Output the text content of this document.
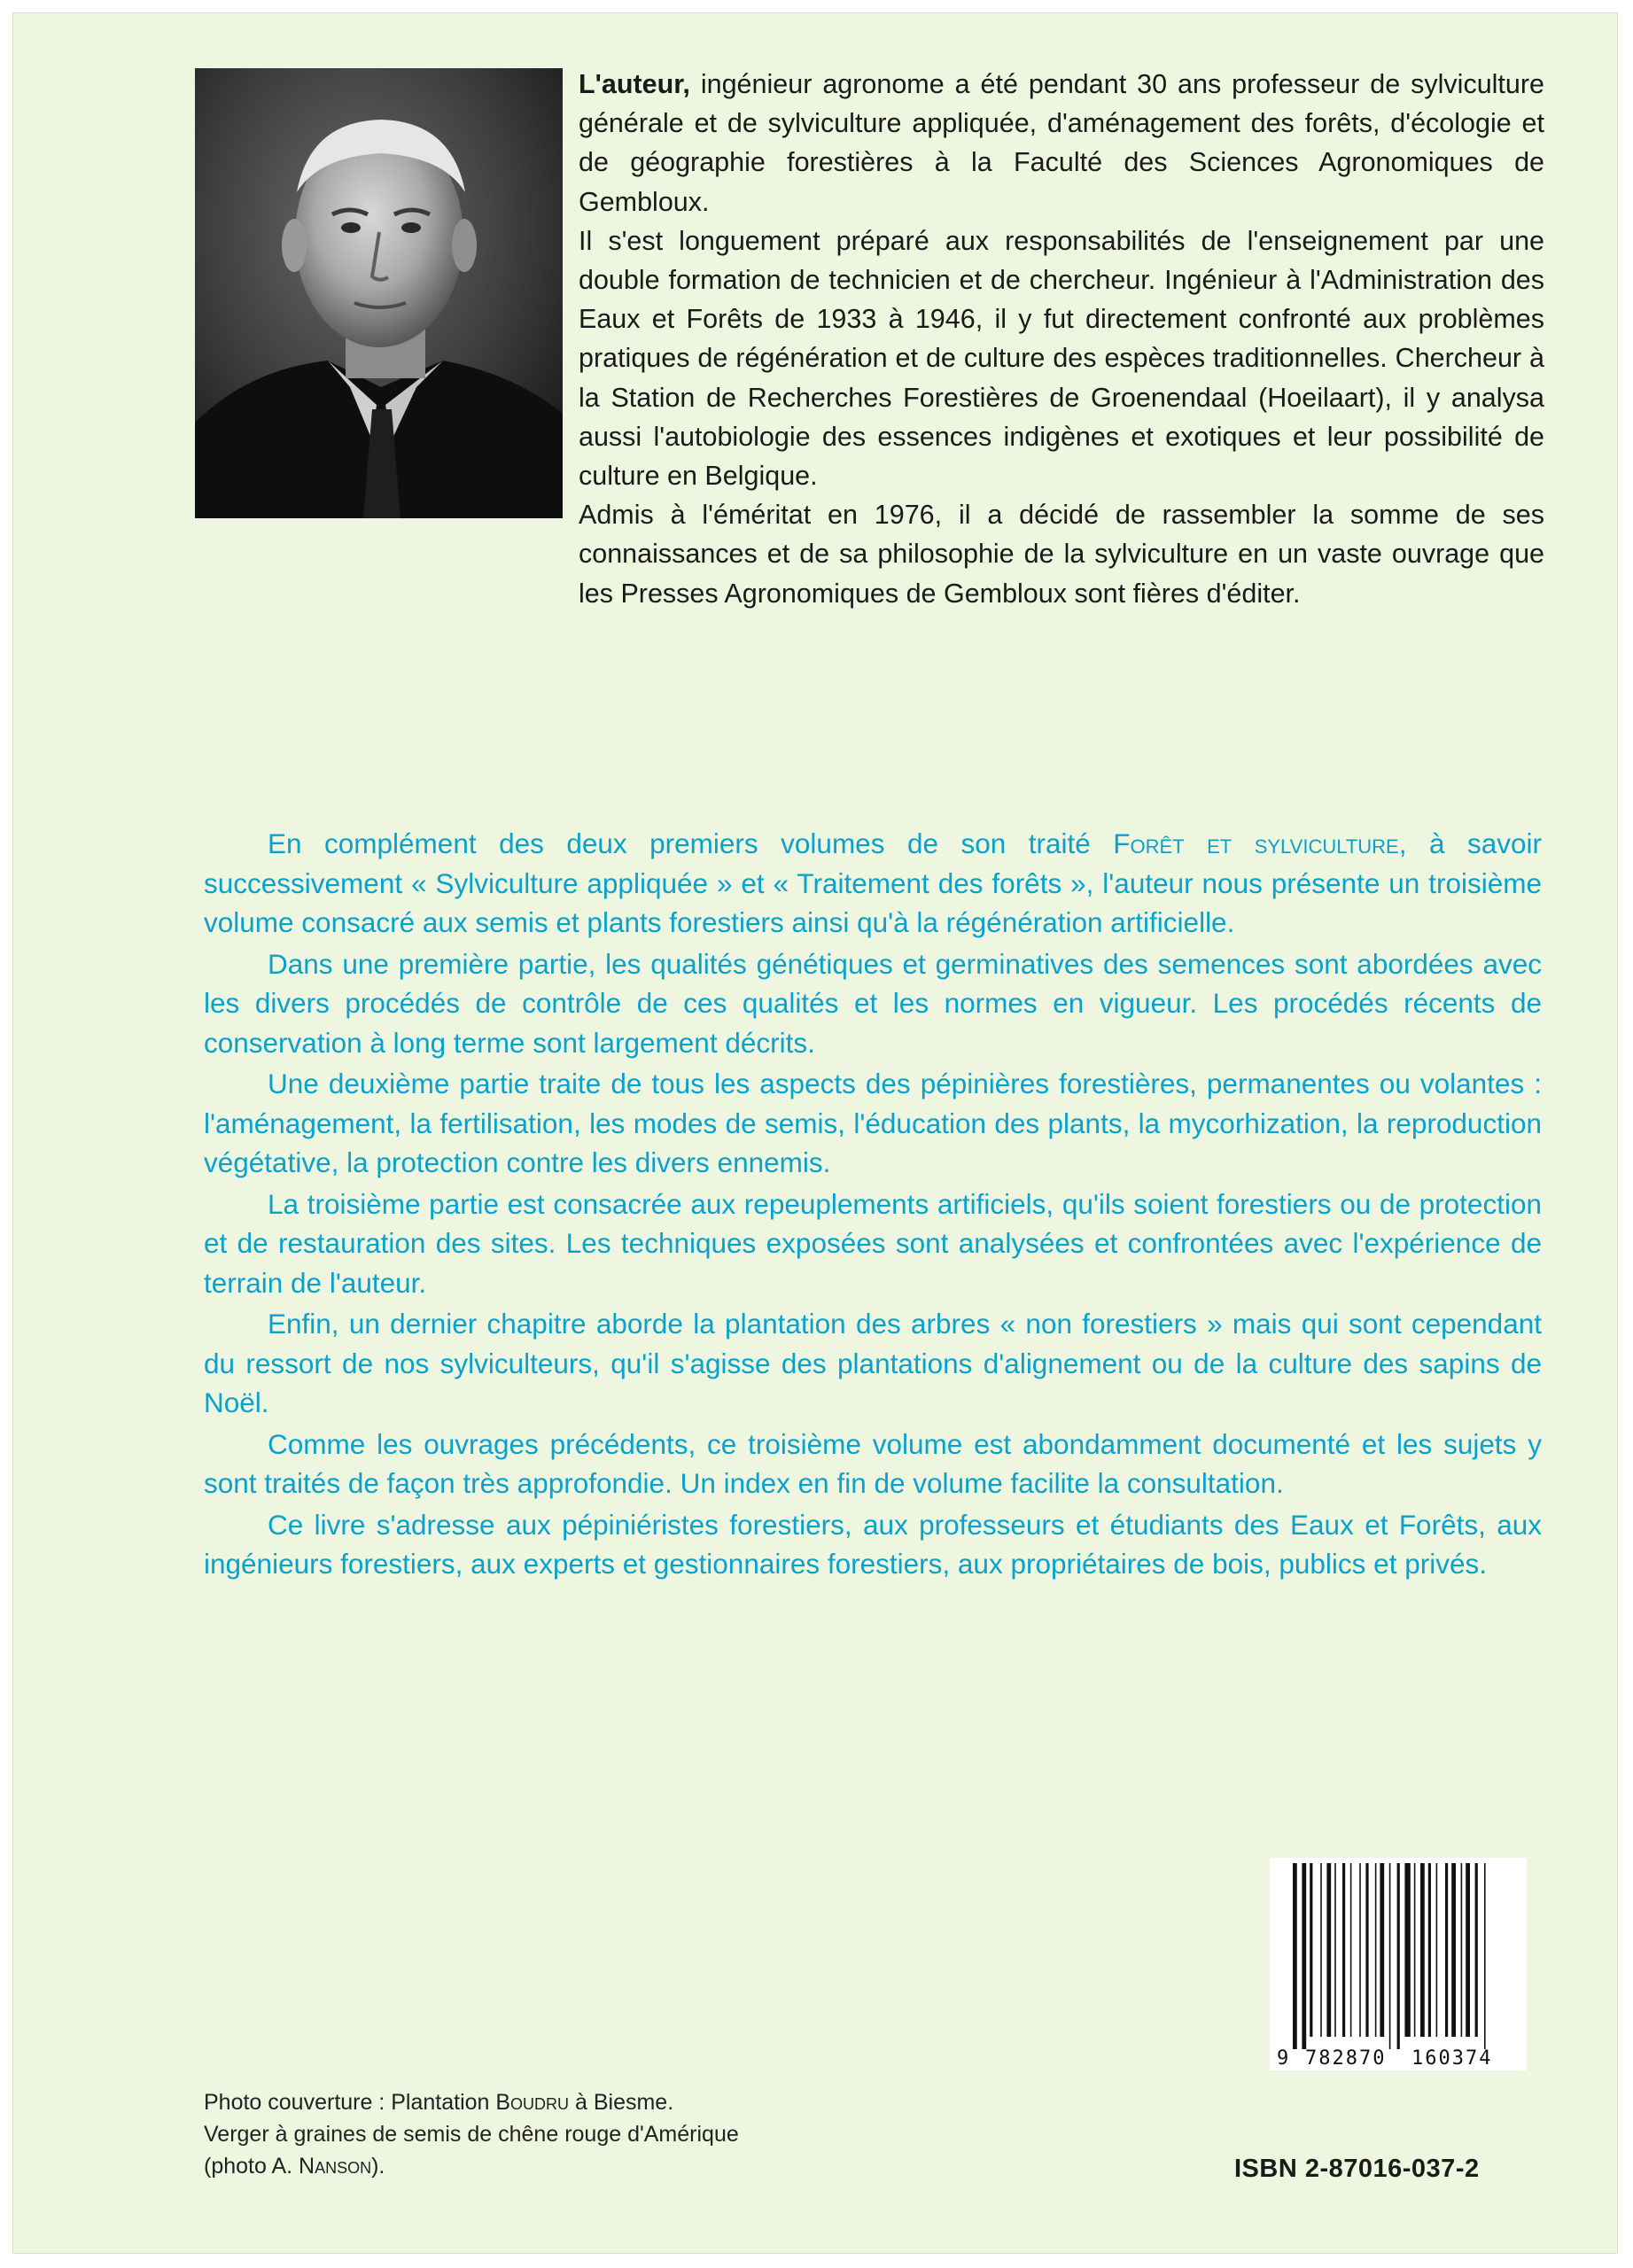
L'auteur, ingénieur agronome a été pendant 30 ans professeur de sylviculture générale et de sylviculture appliquée, d'aménagement des forêts, d'écologie et de géographie forestières à la Faculté des Sciences Agronomiques de Gembloux.
Il s'est longuement préparé aux responsabilités de l'enseignement par une double formation de technicien et de chercheur. Ingénieur à l'Administration des Eaux et Forêts de 1933 à 1946, il y fut directement confronté aux problèmes pratiques de régénération et de culture des espèces traditionnelles. Chercheur à la Station de Recherches Forestières de Groenendaal (Hoeilaart), il y analysa aussi l'autobiologie des essences indigènes et exotiques et leur possibilité de culture en Belgique.
Admis à l'éméritat en 1976, il a décidé de rassembler la somme de ses connaissances et de sa philosophie de la sylviculture en un vaste ouvrage que les Presses Agronomiques de Gembloux sont fières d'éditer.

En complément des deux premiers volumes de son traité Forêt et sylviculture, à savoir successivement « Sylviculture appliquée » et « Traitement des forêts », l'auteur nous présente un troisième volume consacré aux semis et plants forestiers ainsi qu'à la régénération artificielle.

Dans une première partie, les qualités génétiques et germinatives des semences sont abordées avec les divers procédés de contrôle de ces qualités et les normes en vigueur. Les procédés récents de conservation à long terme sont largement décrits.

Une deuxième partie traite de tous les aspects des pépinières forestières, permanentes ou volantes : l'aménagement, la fertilisation, les modes de semis, l'éducation des plants, la mycorhization, la reproduction végétative, la protection contre les divers ennemis.

La troisième partie est consacrée aux repeuplements artificiels, qu'ils soient forestiers ou de protection et de restauration des sites. Les techniques exposées sont analysées et confrontées avec l'expérience de terrain de l'auteur.

Enfin, un dernier chapitre aborde la plantation des arbres « non forestiers » mais qui sont cependant du ressort de nos sylviculteurs, qu'il s'agisse des plantations d'alignement ou de la culture des sapins de Noël.

Comme les ouvrages précédents, ce troisième volume est abondamment documenté et les sujets y sont traités de façon très approfondie. Un index en fin de volume facilite la consultation.

Ce livre s'adresse aux pépiniéristes forestiers, aux professeurs et étudiants des Eaux et Forêts, aux ingénieurs forestiers, aux experts et gestionnaires forestiers, aux propriétaires de bois, publics et privés.

9 782870 160374
Photo couverture : Plantation Boudru à Biesme.
Verger à graines de semis de chêne rouge d'Amérique
(photo A. Nanson).	ISBN 2-87016-037-2
